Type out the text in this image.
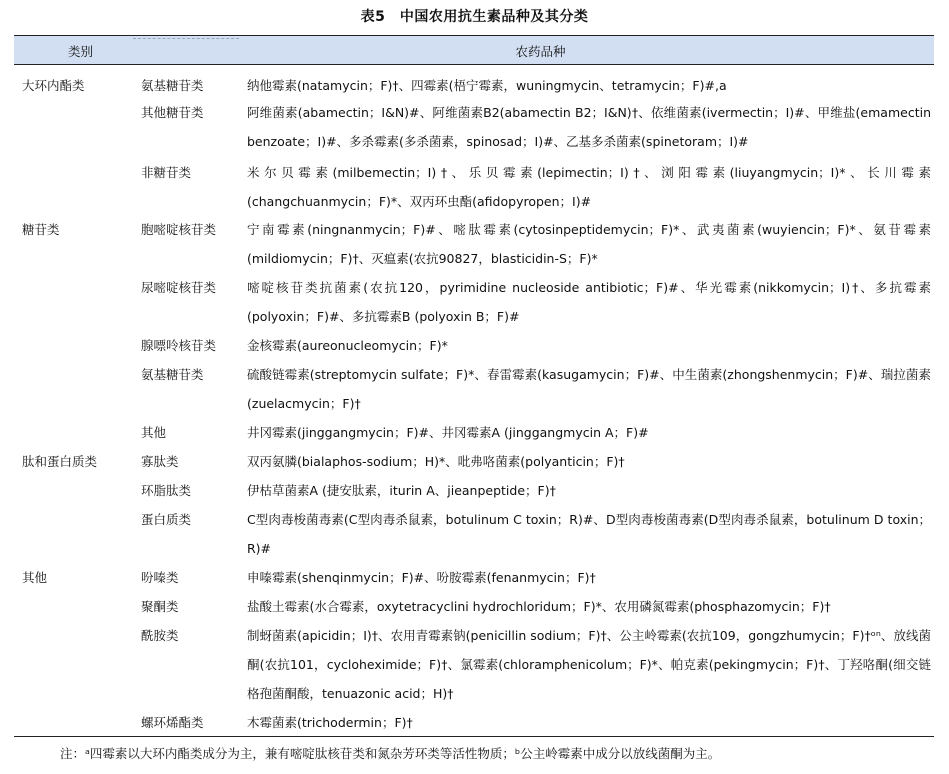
表5　中国农用抗生素品种及其分类
类别	农药品种
大环内酯类
糖苷类
肽和蛋白质类
其他
氨基糖苷类
其他糖苷类
非糖苷类
胞嘧啶核苷类
尿嘧啶核苷类
腺嘌呤核苷类
氨基糖苷类
其他
寡肽类
环脂肽类
蛋白质类
吩嗪类
聚酮类
酰胺类
螺环烯酯类
纳他霉素(natamycin；F)†、四霉素(梧宁霉素，wuningmycin、tetramycin；F)#,a
阿维菌素(abamectin；I&N)#、阿维菌素B2(abamectin B2；I&N)†、依维菌素(ivermectin；I)#、甲维盐(emamectin benzoate；I)#、多杀霉素(多杀菌素，spinosad；I)#、乙基多杀菌素(spinetoram；I)#
米尔贝霉素(milbemectin；I)†、乐贝霉素(lepimectin；I)†、浏阳霉素(liuyangmycin；I)*、长川霉素(changchuanmycin；F)*、双丙环虫酯(afidopyropen；I)#
宁南霉素(ningnanmycin；F)#、嘧肽霉素(cytosinpeptidemycin；F)*、武夷菌素(wuyiencin；F)*、氨苷霉素(mildiomycin；F)†、灭瘟素(农抗90827，blasticidin-S；F)*
嘧啶核苷类抗菌素(农抗120，pyrimidine nucleoside antibiotic；F)#、华光霉素(nikkomycin；I)†、多抗霉素(polyoxin；F)#、多抗霉素B (polyoxin B；F)#
金核霉素(aureonucleomycin；F)*
硫酸链霉素(streptomycin sulfate；F)*、春雷霉素(kasugamycin；F)#、中生菌素(zhongshenmycin；F)#、瑞拉菌素(zuelacmycin；F)†
井冈霉素(jinggangmycin；F)#、井冈霉素A (jinggangmycin A；F)#
双丙氨膦(bialaphos-sodium；H)*、吡弗咯菌素(polyanticin；F)†
伊枯草菌素A (捷安肽素，iturin A、jieanpeptide；F)†
C型肉毒梭菌毒素(C型肉毒杀鼠素，botulinum C toxin；R)#、D型肉毒梭菌毒素(D型肉毒杀鼠素，botulinum D toxin；R)#
申嗪霉素(shenqinmycin；F)#、吩胺霉素(fenanmycin；F)†
盐酸土霉素(水合霉素，oxytetracyclini hydrochloridum；F)*、农用磷氮霉素(phosphazomycin；F)†
制蚜菌素(apicidin；I)†、农用青霉素钠(penicillin sodium；F)†、公主岭霉素(农抗109，gongzhumycin；F)†ᵒⁿ、放线菌酮(农抗101，cycloheximide；F)†、氯霉素(chloramphenicolum；F)*、帕克素(pekingmycin；F)†、丁羟咯酮(细交链格孢菌酮酸，tenuazonic acid；H)†
木霉菌素(trichodermin；F)†
注：ᵃ四霉素以大环内酯类成分为主，兼有嘧啶肽核苷类和氮杂芳环类等活性物质；ᵇ公主岭霉素中成分以放线菌酮为主。
